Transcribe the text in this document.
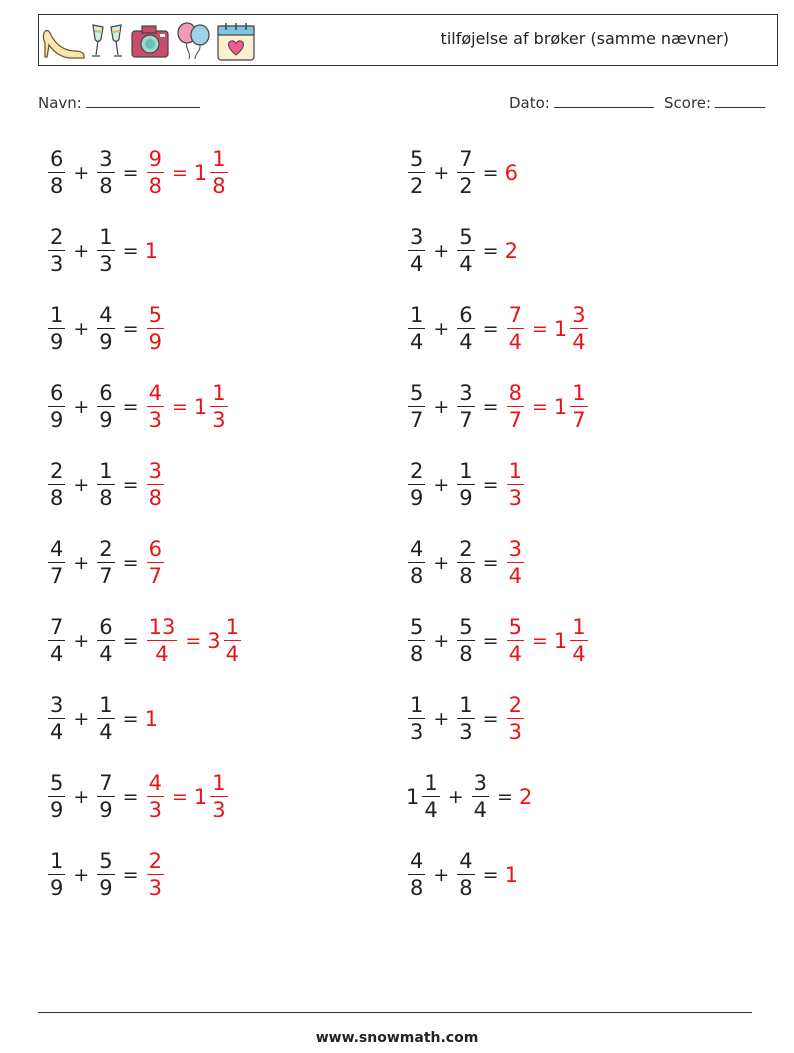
tilføjelse af brøker (samme nævner)
Navn:	Dato:	Score:
$\frac{6}{8} + \frac{3}{8} = \frac{9}{8} = 1 \frac{1}{8}$	$\frac{5}{2} + \frac{7}{2} = 6$
$\frac{2}{3} + \frac{1}{3} = 1$	$\frac{3}{4} + \frac{5}{4} = 2$
$\frac{1}{9} + \frac{4}{9} = \frac{5}{9}$	$\frac{1}{4} + \frac{6}{4} = \frac{7}{4} = 1 \frac{3}{4}$
$\frac{6}{9} + \frac{6}{9} = \frac{4}{3} = 1 \frac{1}{3}$	$\frac{5}{7} + \frac{3}{7} = \frac{8}{7} = 1 \frac{1}{7}$
$\frac{2}{8} + \frac{1}{8} = \frac{3}{8}$	$\frac{2}{9} + \frac{1}{9} = \frac{1}{3}$
$\frac{4}{7} + \frac{2}{7} = \frac{6}{7}$	$\frac{4}{8} + \frac{2}{8} = \frac{3}{4}$
$\frac{7}{4} + \frac{6}{4} = \frac{13}{4} = 3 \frac{1}{4}$	$\frac{5}{8} + \frac{5}{8} = \frac{5}{4} = 1 \frac{1}{4}$
$\frac{3}{4} + \frac{1}{4} = 1$	$\frac{1}{3} + \frac{1}{3} = \frac{2}{3}$
$\frac{5}{9} + \frac{7}{9} = \frac{4}{3} = 1 \frac{1}{3}$	$1 \frac{1}{4} + \frac{3}{4} = 2$
$\frac{1}{9} + \frac{5}{9} = \frac{2}{3}$	$\frac{4}{8} + \frac{4}{8} = 1$
www.snowmath.com
